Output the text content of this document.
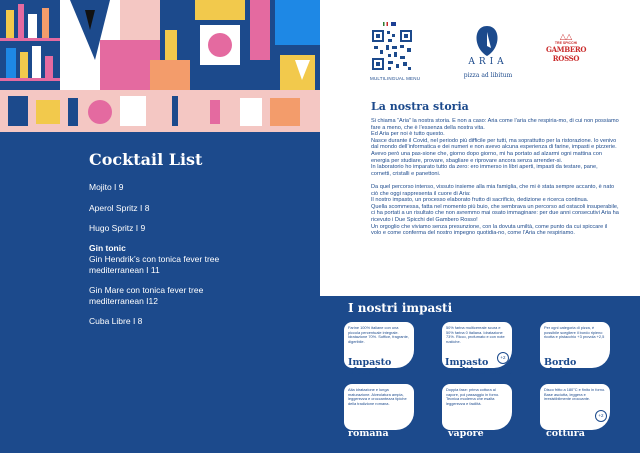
Cocktail List
Mojito I 9
Aperol Spritz I 8
Hugo Spritz I 9
Gin tonic
Gin Hendrik’s con tonica fever tree mediterranean I 11
Gin Mare con tonica fever tree mediterranean I12
Cuba Libre I 8

MULTILINGUAL MENU
ARIA
pizza ad libitum
△△
TRE SPICCHI
GAMBERO ROSSO
La nostra storia

Si chiama “Aria” la nostra storia. E non a caso: Aria come l’aria che respiria-mo, di cui non possiamo fare a meno, che è l’essenza della nostra vita.

Ed Aria per noi è tutto questo.

Nasce durante il Covid, nel periodo più difficile per tutti, ma soprattutto per la ristorazione. Io venivo dal mondo dell’informatica e dei numeri e non avevo alcuna esperienza di farine, impasti e pizzerie. Avevo però una pas-sione che, giorno dopo giorno, mi ha portato ad alzarmi ogni mattina con energia per studiare, provare, sbagliare e riprovare ancora senza arrender-si.

In laboratorio ho imparato tutto da zero: ero immerso in libri aperti, impasti da testare, pane, cornetti, cristalli e panettoni.

Da quel percorso intenso, vissuto insieme alla mia famiglia, che mi è stata sempre accanto, è nato ciò che oggi rappresenta il cuore di Aria:

Il nostro impasto, un processo elaborato frutto di sacrificio, dedizione e ricerca continua.

Quella scommessa, fatta nel momento più buio, che sembrava un percorso ad ostacoli insuperabile, ci ha portati a un risultato che non avremmo mai osato immaginare: per due anni consecutivi Aria ha ricevuto i Due Spicchi del Gambero Rosso!

Un orgoglio che viviamo senza presunzione, con la dovuta umiltà, come punto da cui spiccare il volo e come conferma del nostro impegno quotidia-no, come l’Aria che respiriamo.

I nostri impasti
Farine 100% italiane con una piccola percentuale integrale. Idratazione 70%. Soffice, fragrante, digeribile.
Impasto classico
50% farina multicereale scura e 50% farina 0 italiana. Idratazione 73%. Ricco, profumato e con note rustiche.
+2
Impasto multicereale
Per ogni categoria di pizza, è possibile scegliere il bordo ripieno ricotta e pistacchio +3 provola +2,5
Bordo ripieno
Alta idratazione e lunga maturazione. Alveolatura ampia, leggerezza e croccantezza tipiche della tradizione romana.
Pala romana
Doppia fase: prima cottura al vapore, poi passaggio in forno. Tecnica moderna che esalta leggerezza e facilità.
Cotta al vapore
Disco fritto a 180°C e finito in forno. Base asciutta, leggera e irresistibilmente croccante.
+2
Doppia cottura
